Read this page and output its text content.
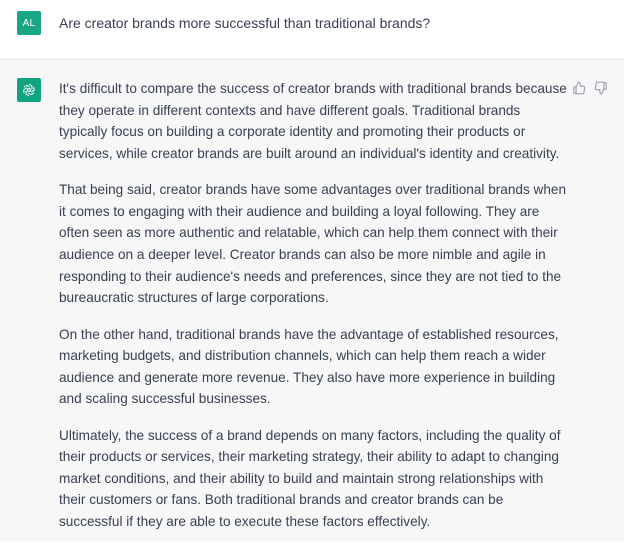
AL Are creator brands more successful than traditional brands?

It's difficult to compare the success of creator brands with traditional brands because they operate in different contexts and have different goals. Traditional brands typically focus on building a corporate identity and promoting their products or services, while creator brands are built around an individual's identity and creativity.

That being said, creator brands have some advantages over traditional brands when it comes to engaging with their audience and building a loyal following. They are often seen as more authentic and relatable, which can help them connect with their audience on a deeper level. Creator brands can also be more nimble and agile in responding to their audience's needs and preferences, since they are not tied to the bureaucratic structures of large corporations.

On the other hand, traditional brands have the advantage of established resources, marketing budgets, and distribution channels, which can help them reach a wider audience and generate more revenue. They also have more experience in building and scaling successful businesses.

Ultimately, the success of a brand depends on many factors, including the quality of their products or services, their marketing strategy, their ability to adapt to changing market conditions, and their ability to build and maintain strong relationships with their customers or fans. Both traditional brands and creator brands can be successful if they are able to execute these factors effectively.
